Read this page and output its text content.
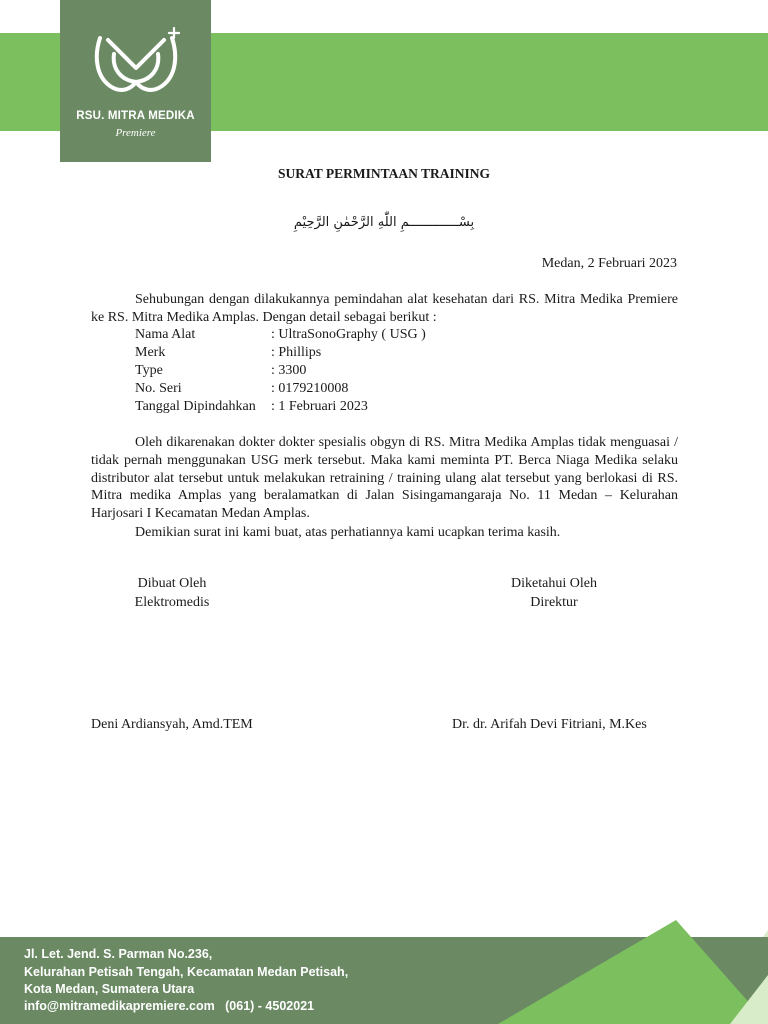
RSU. MITRA MEDIKA
Premiere
SURAT PERMINTAAN TRAINING
بِسْـــــــــــــمِ اللّٰهِ الرَّحْمٰنِ الرَّحِيْمِ
Medan, 2 Februari 2023
Sehubungan dengan dilakukannya pemindahan alat kesehatan dari RS. Mitra Medika Premiere ke RS. Mitra Medika Amplas. Dengan detail sebagai berikut :
Nama Alat	: UltraSonoGraphy ( USG )
Merk	: Phillips
Type	: 3300
No. Seri	: 0179210008
Tanggal Dipindahkan : 1 Februari 2023
Oleh dikarenakan dokter dokter spesialis obgyn di RS. Mitra Medika Amplas tidak menguasai / tidak pernah menggunakan USG merk tersebut. Maka kami meminta PT. Berca Niaga Medika selaku distributor alat tersebut untuk melakukan retraining / training ulang alat tersebut yang berlokasi di RS. Mitra medika Amplas yang beralamatkan di Jalan Sisingamangaraja No. 11 Medan – Kelurahan Harjosari I Kecamatan Medan Amplas.
Demikian surat ini kami buat, atas perhatiannya kami ucapkan terima kasih.
Dibuat Oleh
Elektromedis
Diketahui Oleh
Direktur
Deni Ardiansyah, Amd.TEM	Dr. dr. Arifah Devi Fitriani, M.Kes
Jl. Let. Jend. S. Parman No.236,
Kelurahan Petisah Tengah, Kecamatan Medan Petisah,
Kota Medan, Sumatera Utara
info@mitramedikapremiere.com   (061) - 4502021
